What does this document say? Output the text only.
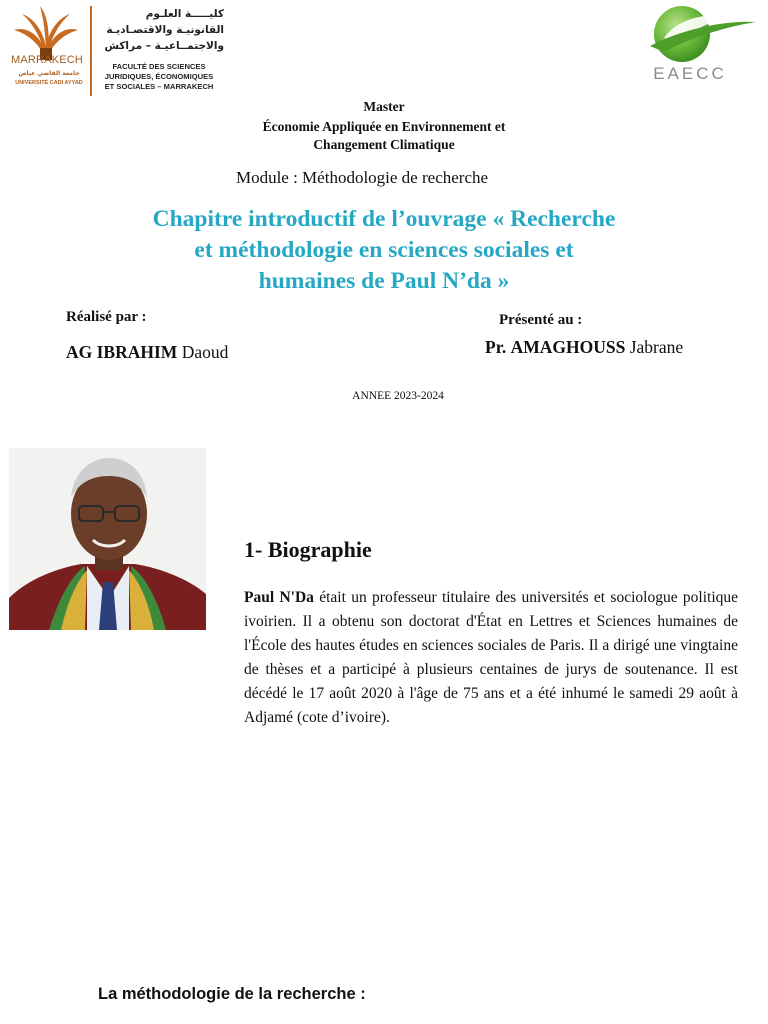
MARRAKECH
جامعة القاضي عياض
UNIVERSITÉ CADI AYYAD
كليـــــة العلـوم
القانونيـة والاقتصـاديـة
والاجتمــاعيـة – مراكش
FACULTÉ DES SCIENCES
JURIDIQUES, ÉCONOMIQUES
ET SOCIALES – MARRAKECH
EAECC
Master
Économie Appliquée en Environnement et
Changement Climatique
Module : Méthodologie de recherche
Chapitre introductif de l’ouvrage « Recherche
et méthodologie en sciences sociales et
humaines de Paul N’da »
Réalisé par :
AG IBRAHIM Daoud
Présenté au :
Pr. AMAGHOUSS Jabrane
ANNEE 2023-2024
1- Biographie
Paul N'Da était un professeur titulaire des universités et sociologue politique ivoirien. Il a obtenu son doctorat d'État en Lettres et Sciences humaines de l'École des hautes études en sciences sociales de Paris. Il a dirigé une vingtaine de thèses et a participé à plusieurs centaines de jurys de soutenance. Il est décédé le 17 août 2020 à l'âge de 75 ans et a été inhumé le samedi 29 août à Adjamé (cote d’ivoire).
La méthodologie de la recherche :
